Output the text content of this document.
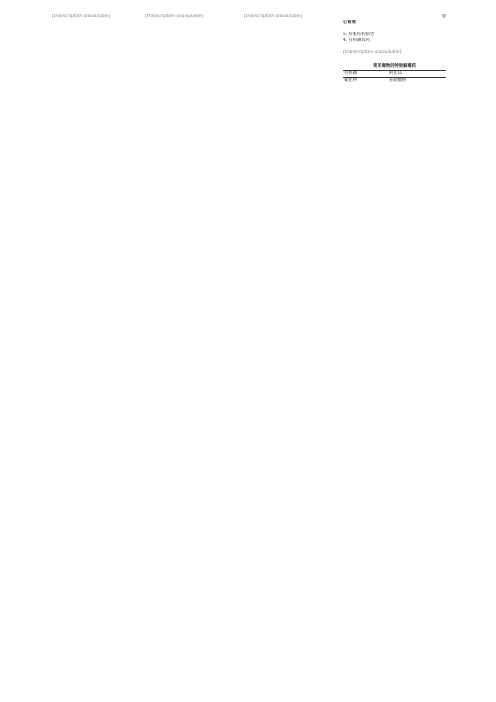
[transcription unavailable]	[transcription unavailable]	[transcription unavailable]	衰
心肾衰
5. 肝脏结构损害
4. 有机磷农药
[transcription unavailable]
常见毒物的特效解毒药
有机磷	阿托品
氰化物	亚硝酸钠
